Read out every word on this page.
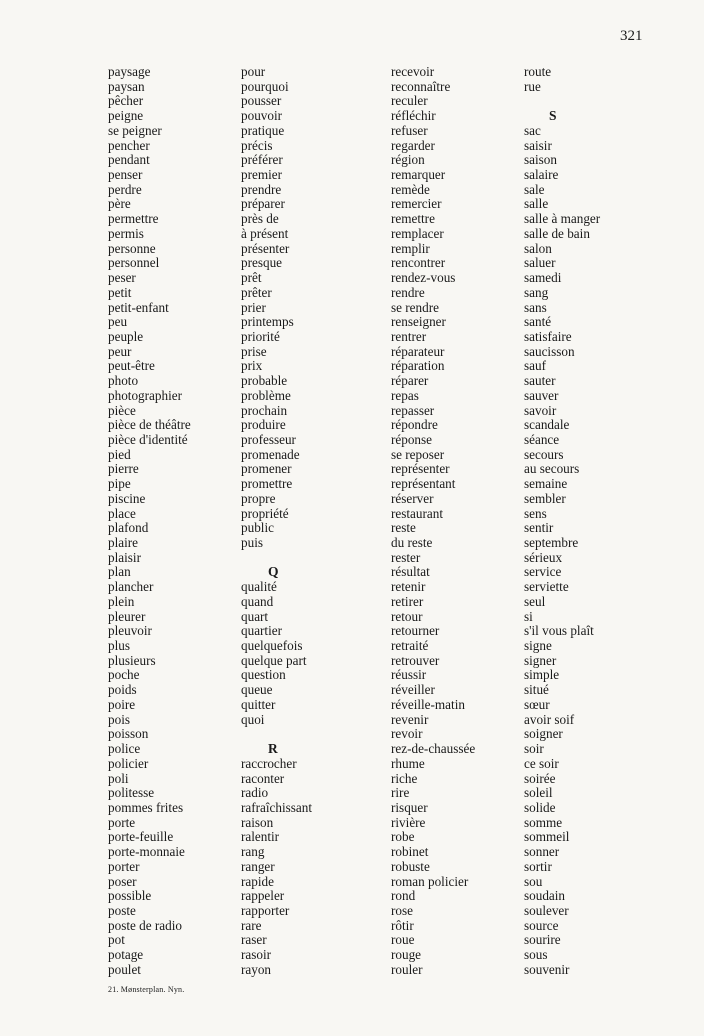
321
paysage
paysan
pêcher
peigne
se peigner
pencher
pendant
penser
perdre
père
permettre
permis
personne
personnel
peser
petit
petit-enfant
peu
peuple
peur
peut-être
photo
photographier
pièce
pièce de théâtre
pièce d'identité
pied
pierre
pipe
piscine
place
plafond
plaire
plaisir
plan
plancher
plein
pleurer
pleuvoir
plus
plusieurs
poche
poids
poire
pois
poisson
police
policier
poli
politesse
pommes frites
porte
porte-feuille
porte-monnaie
porter
poser
possible
poste
poste de radio
pot
potage
poulet
pour
pourquoi
pousser
pouvoir
pratique
précis
préférer
premier
prendre
préparer
près de
à présent
présenter
presque
prêt
prêter
prier
printemps
priorité
prise
prix
probable
problème
prochain
produire
professeur
promenade
promener
promettre
propre
propriété
public
puis
Q
qualité
quand
quart
quartier
quelquefois
quelque part
question
queue
quitter
quoi
R
raccrocher
raconter
radio
rafraîchissant
raison
ralentir
rang
ranger
rapide
rappeler
rapporter
rare
raser
rasoir
rayon
recevoir
reconnaître
reculer
réfléchir
refuser
regarder
région
remarquer
remède
remercier
remettre
remplacer
remplir
rencontrer
rendez-vous
rendre
se rendre
renseigner
rentrer
réparateur
réparation
réparer
repas
repasser
répondre
réponse
se reposer
représenter
représentant
réserver
restaurant
reste
du reste
rester
résultat
retenir
retirer
retour
retourner
retraité
retrouver
réussir
réveiller
réveille-matin
revenir
revoir
rez-de-chaussée
rhume
riche
rire
risquer
rivière
robe
robinet
robuste
roman policier
rond
rose
rôtir
roue
rouge
rouler
route
rue
S
sac
saisir
saison
salaire
sale
salle
salle à manger
salle de bain
salon
saluer
samedi
sang
sans
santé
satisfaire
saucisson
sauf
sauter
sauver
savoir
scandale
séance
secours
au secours
semaine
sembler
sens
sentir
septembre
sérieux
service
serviette
seul
si
s'il vous plaît
signe
signer
simple
situé
sœur
avoir soif
soigner
soir
ce soir
soirée
soleil
solide
somme
sommeil
sonner
sortir
sou
soudain
soulever
source
sourire
sous
souvenir
21. Mønsterplan. Nyn.
